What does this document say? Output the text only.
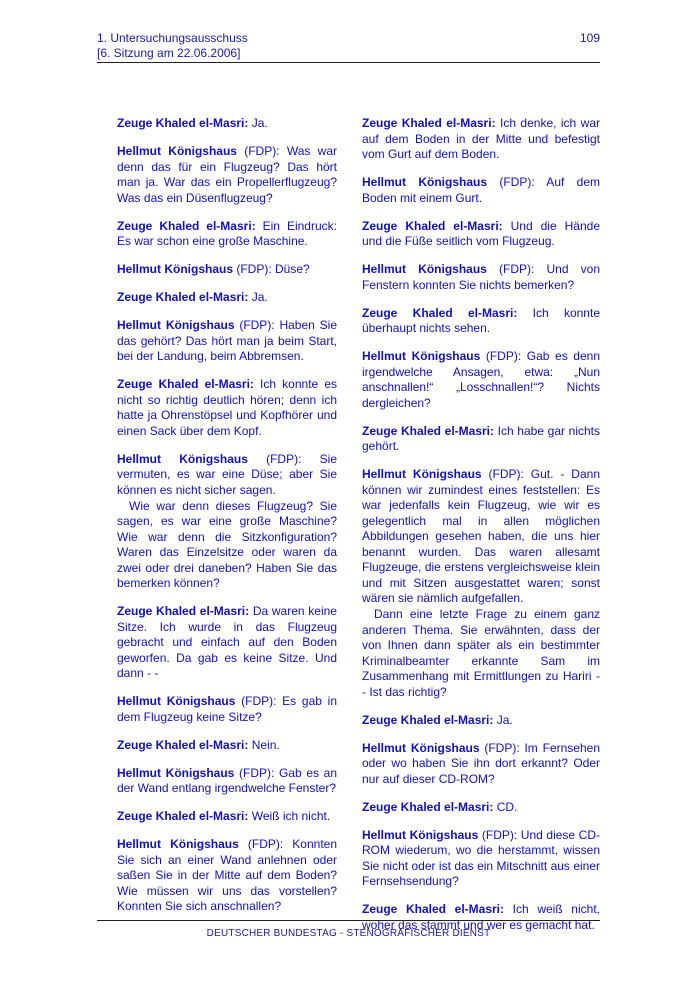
1. Untersuchungsausschuss
[6. Sitzung am 22.06.2006]
109

Zeuge Khaled el-Masri: Ja.

Hellmut Königshaus (FDP): Was war denn das für ein Flugzeug? Das hört man ja. War das ein Propellerflugzeug? Was das ein Düsenflugzeug?

Zeuge Khaled el-Masri: Ein Eindruck: Es war schon eine große Maschine.

Hellmut Königshaus (FDP): Düse?

Zeuge Khaled el-Masri: Ja.

Hellmut Königshaus (FDP): Haben Sie das gehört? Das hört man ja beim Start, bei der Landung, beim Abbremsen.

Zeuge Khaled el-Masri: Ich konnte es nicht so richtig deutlich hören; denn ich hatte ja Ohrenstöpsel und Kopfhörer und einen Sack über dem Kopf.

Hellmut Königshaus (FDP): Sie vermuten, es war eine Düse; aber Sie können es nicht sicher sagen.

Wie war denn dieses Flugzeug? Sie sagen, es war eine große Maschine? Wie war denn die Sitzkonfiguration? Waren das Einzelsitze oder waren da zwei oder drei daneben? Haben Sie das bemerken können?

Zeuge Khaled el-Masri: Da waren keine Sitze. Ich wurde in das Flugzeug gebracht und einfach auf den Boden geworfen. Da gab es keine Sitze. Und dann - -

Hellmut Königshaus (FDP): Es gab in dem Flugzeug keine Sitze?

Zeuge Khaled el-Masri: Nein.

Hellmut Königshaus (FDP): Gab es an der Wand entlang irgendwelche Fenster?

Zeuge Khaled el-Masri: Weiß ich nicht.

Hellmut Königshaus (FDP): Konnten Sie sich an einer Wand anlehnen oder saßen Sie in der Mitte auf dem Boden? Wie müssen wir uns das vorstellen? Konnten Sie sich anschnallen?

Zeuge Khaled el-Masri: Ich denke, ich war auf dem Boden in der Mitte und befestigt vom Gurt auf dem Boden.

Hellmut Königshaus (FDP): Auf dem Boden mit einem Gurt.

Zeuge Khaled el-Masri: Und die Hände und die Füße seitlich vom Flugzeug.

Hellmut Königshaus (FDP): Und von Fenstern konnten Sie nichts bemerken?

Zeuge Khaled el-Masri: Ich konnte überhaupt nichts sehen.

Hellmut Königshaus (FDP): Gab es denn irgendwelche Ansagen, etwa: „Nun anschnallen!“ „Losschnallen!“? Nichts dergleichen?

Zeuge Khaled el-Masri: Ich habe gar nichts gehört.

Hellmut Königshaus (FDP): Gut. - Dann können wir zumindest eines feststellen: Es war jedenfalls kein Flugzeug, wie wir es gelegentlich mal in allen möglichen Abbildungen gesehen haben, die uns hier benannt wurden. Das waren allesamt Flugzeuge, die erstens vergleichsweise klein und mit Sitzen ausgestattet waren; sonst wären sie nämlich aufgefallen.

Dann eine letzte Frage zu einem ganz anderen Thema. Sie erwähnten, dass der von Ihnen dann später als ein bestimmter Kriminalbeamter erkannte Sam im Zusammenhang mit Ermittlungen zu Hariri - - Ist das richtig?

Zeuge Khaled el-Masri: Ja.

Hellmut Königshaus (FDP): Im Fernsehen oder wo haben Sie ihn dort erkannt? Oder nur auf dieser CD-ROM?

Zeuge Khaled el-Masri: CD.

Hellmut Königshaus (FDP): Und diese CD-ROM wiederum, wo die herstammt, wissen Sie nicht oder ist das ein Mitschnitt aus einer Fernsehsendung?

Zeuge Khaled el-Masri: Ich weiß nicht, woher das stammt und wer es gemacht hat.

DEUTSCHER BUNDESTAG - STENOGRAFISCHER DIENST
